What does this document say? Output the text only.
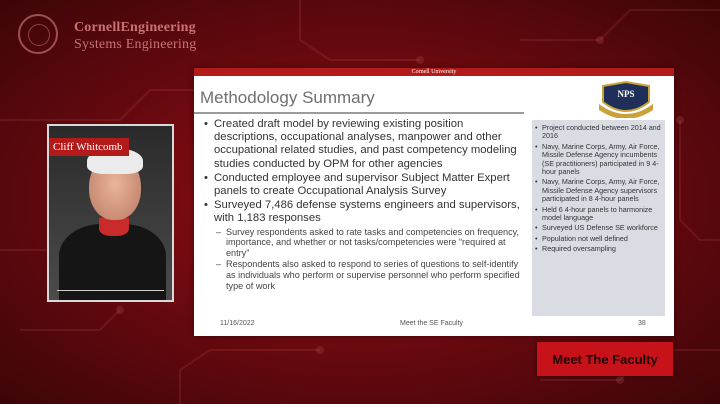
CornellEngineering
Systems Engineering
Cliff Whitcomb
Cornell University
Methodology Summary	NPS
• Created draft model by reviewing existing position descriptions, occupational analyses, manpower and other occupational related studies, and past competency modeling studies conducted by OPM for other agencies
• Conducted employee and supervisor Subject Matter Expert panels to create Occupational Analysis Survey
• Surveyed 7,486 defense systems engineers and supervisors, with 1,183 responses
– Survey respondents asked to rate tasks and competencies on frequency, importance, and whether or not tasks/competencies were “required at entry”
– Respondents also asked to respond to series of questions to self-identify as individuals who perform or supervise personnel who perform specified type of work
• Project conducted between 2014 and 2016
• Navy, Marine Corps, Army, Air Force, Missile Defense Agency incumbents (SE practitioners) participated in 9 4-hour panels
• Navy, Marine Corps, Army, Air Force, Missile Defense Agency supervisors participated in 8 4-hour panels
• Held 6 4-hour panels to harmonize model language
• Surveyed US Defense SE workforce
• Population not well defined
• Required oversampling
11/16/2022	Meet the SE Faculty	38
Meet The Faculty
